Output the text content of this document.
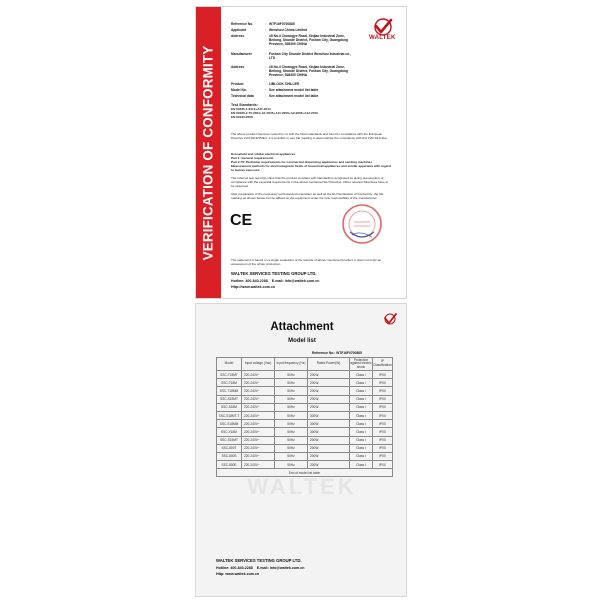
VERIFICATION OF CONFORMITY
WALTEK
Reference No.	: WTF16F0700885
Applicant	: Wenzhou Chima Limited
Address	: #8 No.4 Chuangye Road, Xinjiao Industrial Zone, Beilong, Shunde District, Foshan City, Guangdong Province, 528300 CHINA
Manufacturer	: Foshan City Shunde District Wenzhou Industrial co., LTD
Address	: #8 No.4 Chuangye Road, Xinjiao Industrial Zone, Beilong, Shunde District, Foshan City, Guangdong Province, 528300 CHINA
Product	: LIBLOOK CHILLER
Model No.	: See attachment model list table
Technical data	: See attachment model list table
Test Standards:
EN 60335-1:2012+A11:2014
EN 60335-2-75:2004+A1:2005+A11:2006+A2:2008+A12:2010
EN 62233:2008
The above product has been tested by us with the listed standards and found in compliance with the European Directive LVD 2014/35/EU. It is possible to use CE marking to demonstrate the compliance with this LVD Directive.
Household and similar electrical appliances
Part 1: General requirements
Part 2-75: Particular requirements for commercial dispensing appliances and vending machines
Measurement methods for electromagnetic fields of household appliances and similar apparatus with regard to human exposure
The referred test report(s) show that the product complies with standard(s) recognised as giving presumption of compliance with the essential requirements in the above-mentioned EU Directive. Other relevant Directives have to be observed.
After preparation of the necessary technical documentation as well as the EU Declaration of Conformity, the CE marking as shown below can be affixed on the equipment under the sole responsibility of the manufacturer.
CE
The statement is based on a single evaluation of the sample of above mentioned product. It does not imply an assessment of the whole production.
WALTEK SERVICES TESTING GROUP LTD.
Hotline: 400-840-2288 E-mail: info@waltek.com.cn
Http://www.waltek.com.cn
Attachment
Model list
Reference No.: WTF16F0700885
WALTEK
Model	Input voltage (Vac)	Input frequency (Hz)	Rated Power(W)	Protection against electric shock	IP Classification
SSC-T15MT	220-240V~	50Hz	200W	Class I	IPX0
SSC-T18M	220-240V~	50Hz	200W	Class I	IPX0
SSC-T18MM	220-240V~	50Hz	200W	Class I	IPX0
SSC-S15MT	220-240V~	50Hz	200W	Class I	IPX0
SSC-S18M	220-240V~	50Hz	200W	Class I	IPX0
SSC-S18MT-T	220-240V~	50Hz	300W	Class I	IPX0
SSC-S18MM	220-240V~	50Hz	300W	Class I	IPX0
SSC-Y18M	220-240V~	50Hz	300W	Class I	IPX0
SSC-S15MT	220-240V~	50Hz	200W	Class I	IPX0
SSC-800T	220-240V~	50Hz	200W	Class I	IPX0
SSC-800S	220-240V~	50Hz	200W	Class I	IPX0
SSC-800E	220-240V~	50Hz	200W	Class I	IPX0
End of model list table					
WALTEK SERVICES TESTING GROUP LTD.
Hotline: 400-840-2288 E-mail: info@waltek.com.cn
Http: www.waltek.com.cn
